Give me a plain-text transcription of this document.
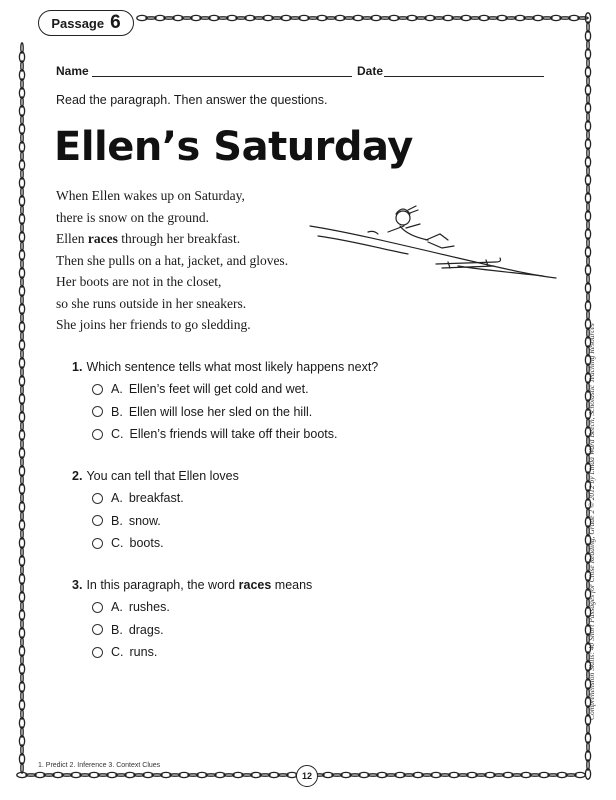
Passage 6
Name	Date
Read the paragraph. Then answer the questions.
Ellen’s Saturday
When Ellen wakes up on Saturday,
there is snow on the ground.
Ellen races through her breakfast.
Then she pulls on a hat, jacket, and gloves.
Her boots are not in the closet,
so she runs outside in her sneakers.
She joins her friends to go sledding.
1. Which sentence tells what most likely happens next?
A. Ellen’s feet will get cold and wet.
B. Ellen will lose her sled on the hill.
C. Ellen’s friends will take off their boots.
2. You can tell that Ellen loves
A. breakfast.
B. snow.
C. boots.
3. In this paragraph, the word races means
A. rushes.
B. drags.
C. runs.	Comprehension Skills: 40 Short Passages for Close Reading, Grade 2 © 2012 by Linda Ward Beech, Scholastic Teaching Resources
1. Predict 2. Inference 3. Context Clues
12
